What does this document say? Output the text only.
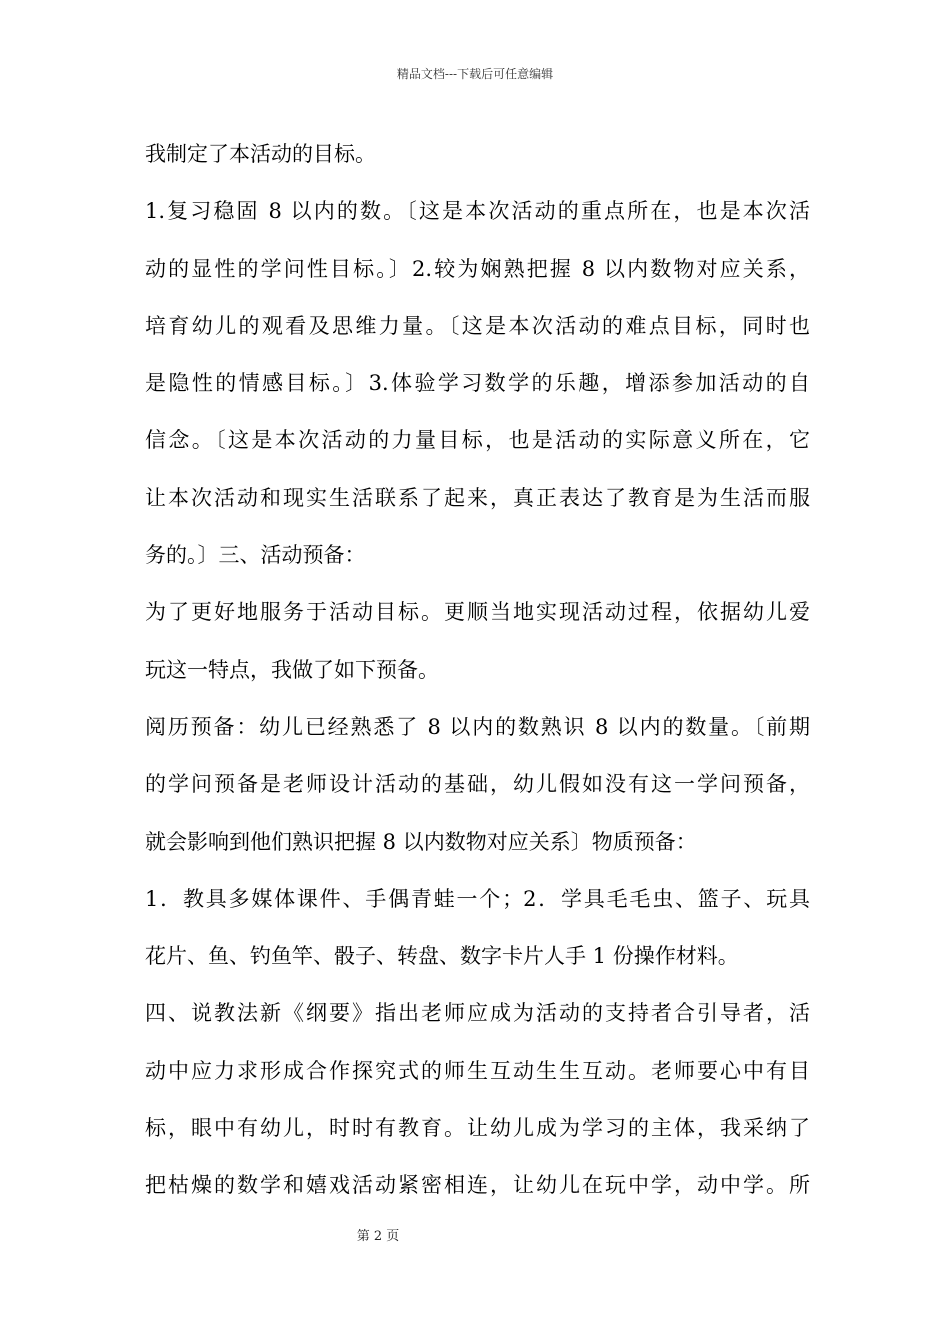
精品文档---下载后可任意编辑
我制定了本活动的目标。
1.复习稳固 8 以内的数。〔这是本次活动的重点所在，也是本次活
动的显性的学问性目标。〕2.较为娴熟把握 8 以内数物对应关系，
培育幼儿的观看及思维力量。〔这是本次活动的难点目标，同时也
是隐性的情感目标。〕3.体验学习数学的乐趣，增添参加活动的自
信念。〔这是本次活动的力量目标，也是活动的实际意义所在，它
让本次活动和现实生活联系了起来，真正表达了教育是为生活而服
务的。〕三、活动预备：
为了更好地服务于活动目标。更顺当地实现活动过程，依据幼儿爱
玩这一特点，我做了如下预备。
阅历预备：幼儿已经熟悉了 8 以内的数熟识 8 以内的数量。〔前期
的学问预备是老师设计活动的基础，幼儿假如没有这一学问预备，
就会影响到他们熟识把握 8 以内数物对应关系〕物质预备：
1．教具多媒体课件、手偶青蛙一个；2．学具毛毛虫、篮子、玩具
花片、鱼、钓鱼竿、骰子、转盘、数字卡片人手 1 份操作材料。
四、说教法新《纲要》指出老师应成为活动的支持者合引导者，活
动中应力求形成合作探究式的师生互动生生互动。老师要心中有目
标，眼中有幼儿，时时有教育。让幼儿成为学习的主体，我采纳了
把枯燥的数学和嬉戏活动紧密相连，让幼儿在玩中学，动中学。所
第 2 页
